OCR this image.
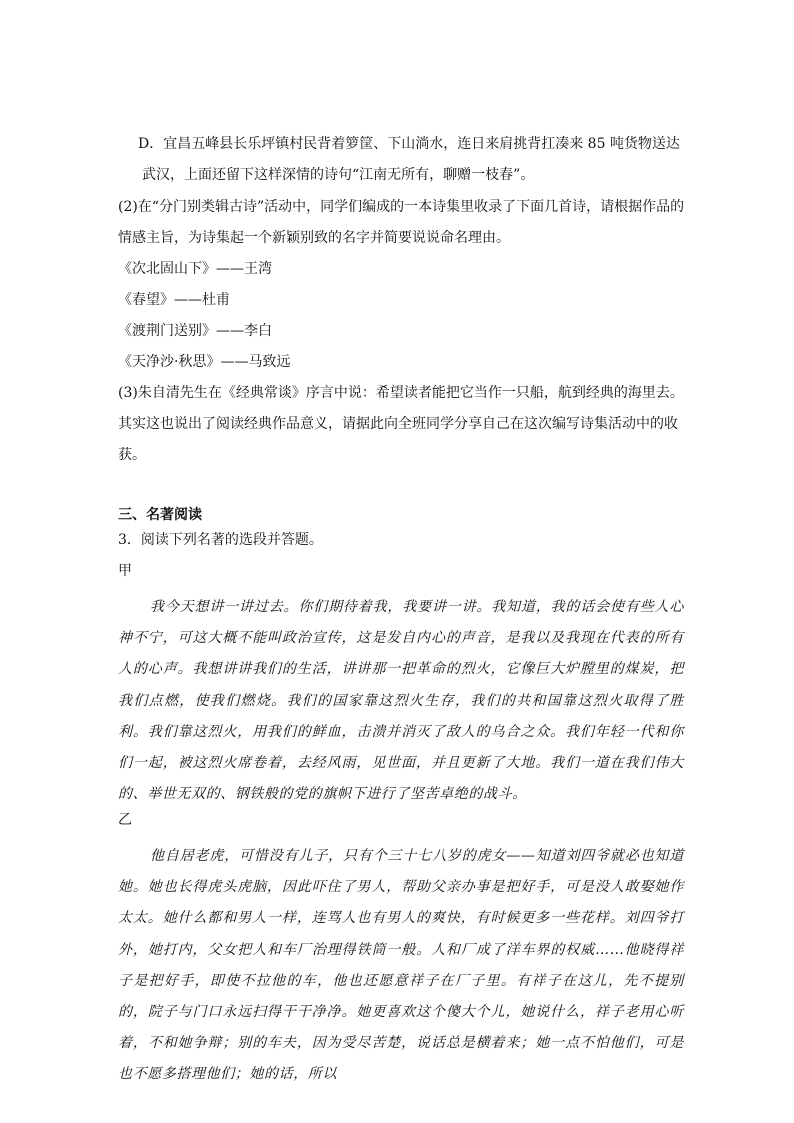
D．宜昌五峰县长乐坪镇村民背着箩筐、下山淌水，连日来肩挑背扛凑来 85 吨货物送达
武汉，上面还留下这样深情的诗句“江南无所有，聊赠一枝春”。
(2)在“分门别类辑古诗”活动中，同学们编成的一本诗集里收录了下面几首诗，请根据作品的
情感主旨，为诗集起一个新颖别致的名字并简要说说命名理由。
《次北固山下》——王湾
《春望》——杜甫
《渡荆门送别》——李白
《天净沙·秋思》——马致远
(3)朱自清先生在《经典常谈》序言中说：希望读者能把它当作一只船，航到经典的海里去。
其实这也说出了阅读经典作品意义，请据此向全班同学分享自己在这次编写诗集活动中的收
获。
三、名著阅读
3．阅读下列名著的选段并答题。
甲

我今天想讲一讲过去。你们期待着我，我要讲一讲。我知道，我的话会使有些人心神不宁，可这大概不能叫政治宣传，这是发自内心的声音，是我以及我现在代表的所有人的心声。我想讲讲我们的生活，讲讲那一把革命的烈火，它像巨大炉膛里的煤炭，把我们点燃，使我们燃烧。我们的国家靠这烈火生存，我们的共和国靠这烈火取得了胜利。我们靠这烈火，用我们的鲜血，击溃并消灭了敌人的乌合之众。我们年轻一代和你们一起，被这烈火席卷着，去经风雨，见世面，并且更新了大地。我们一道在我们伟大的、举世无双的、钢铁般的党的旗帜下进行了坚苦卓绝的战斗。

乙

他自居老虎，可惜没有儿子，只有个三十七八岁的虎女——知道刘四爷就必也知道她。她也长得虎头虎脑，因此吓住了男人，帮助父亲办事是把好手，可是没人敢娶她作太太。她什么都和男人一样，连骂人也有男人的爽快，有时候更多一些花样。刘四爷打外，她打内，父女把人和车厂治理得铁筒一般。人和厂成了洋车界的权威……他晓得祥子是把好手，即使不拉他的车，他也还愿意祥子在厂子里。有祥子在这儿，先不提别的，院子与门口永远扫得干干净净。她更喜欢这个傻大个儿，她说什么，祥子老用心听着，不和她争辩；别的车夫，因为受尽苦楚，说话总是横着来；她一点不怕他们，可是也不愿多搭理他们；她的话，所以
